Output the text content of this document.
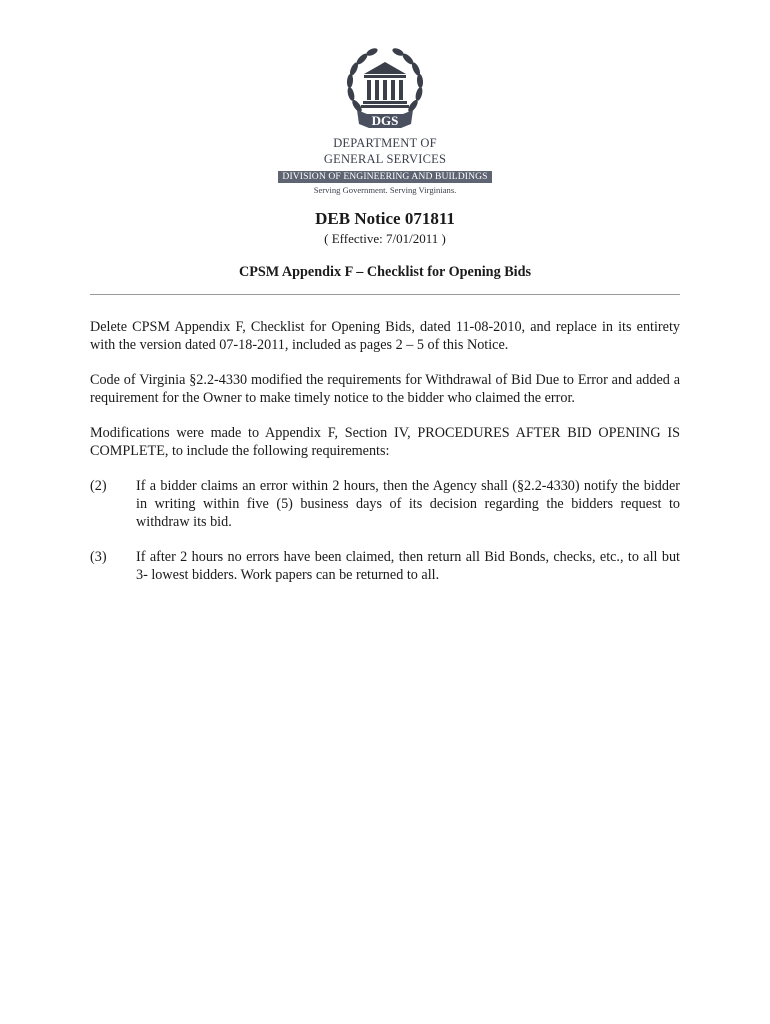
DGS
DEPARTMENT OF
GENERAL SERVICES
DIVISION OF ENGINEERING AND BUILDINGS
Serving Government. Serving Virginians.
DEB Notice 071811
( Effective: 7/01/2011 )
CPSM Appendix F – Checklist for Opening Bids

Delete CPSM Appendix F, Checklist for Opening Bids, dated 11-08-2010, and replace in its entirety with the version dated 07-18-2011, included as pages 2 – 5 of this Notice.

Code of Virginia §2.2-4330 modified the requirements for Withdrawal of Bid Due to Error and added a requirement for the Owner to make timely notice to the bidder who claimed the error.

Modifications were made to Appendix F, Section IV, PROCEDURES AFTER BID OPENING IS COMPLETE, to include the following requirements:

(2)	If a bidder claims an error within 2 hours, then the Agency shall (§2.2-4330) notify the bidder in writing within five (5) business days of its decision regarding the bidders request to withdraw its bid.
(3)	If after 2 hours no errors have been claimed, then return all Bid Bonds, checks, etc., to all but 3- lowest bidders. Work papers can be returned to all.
